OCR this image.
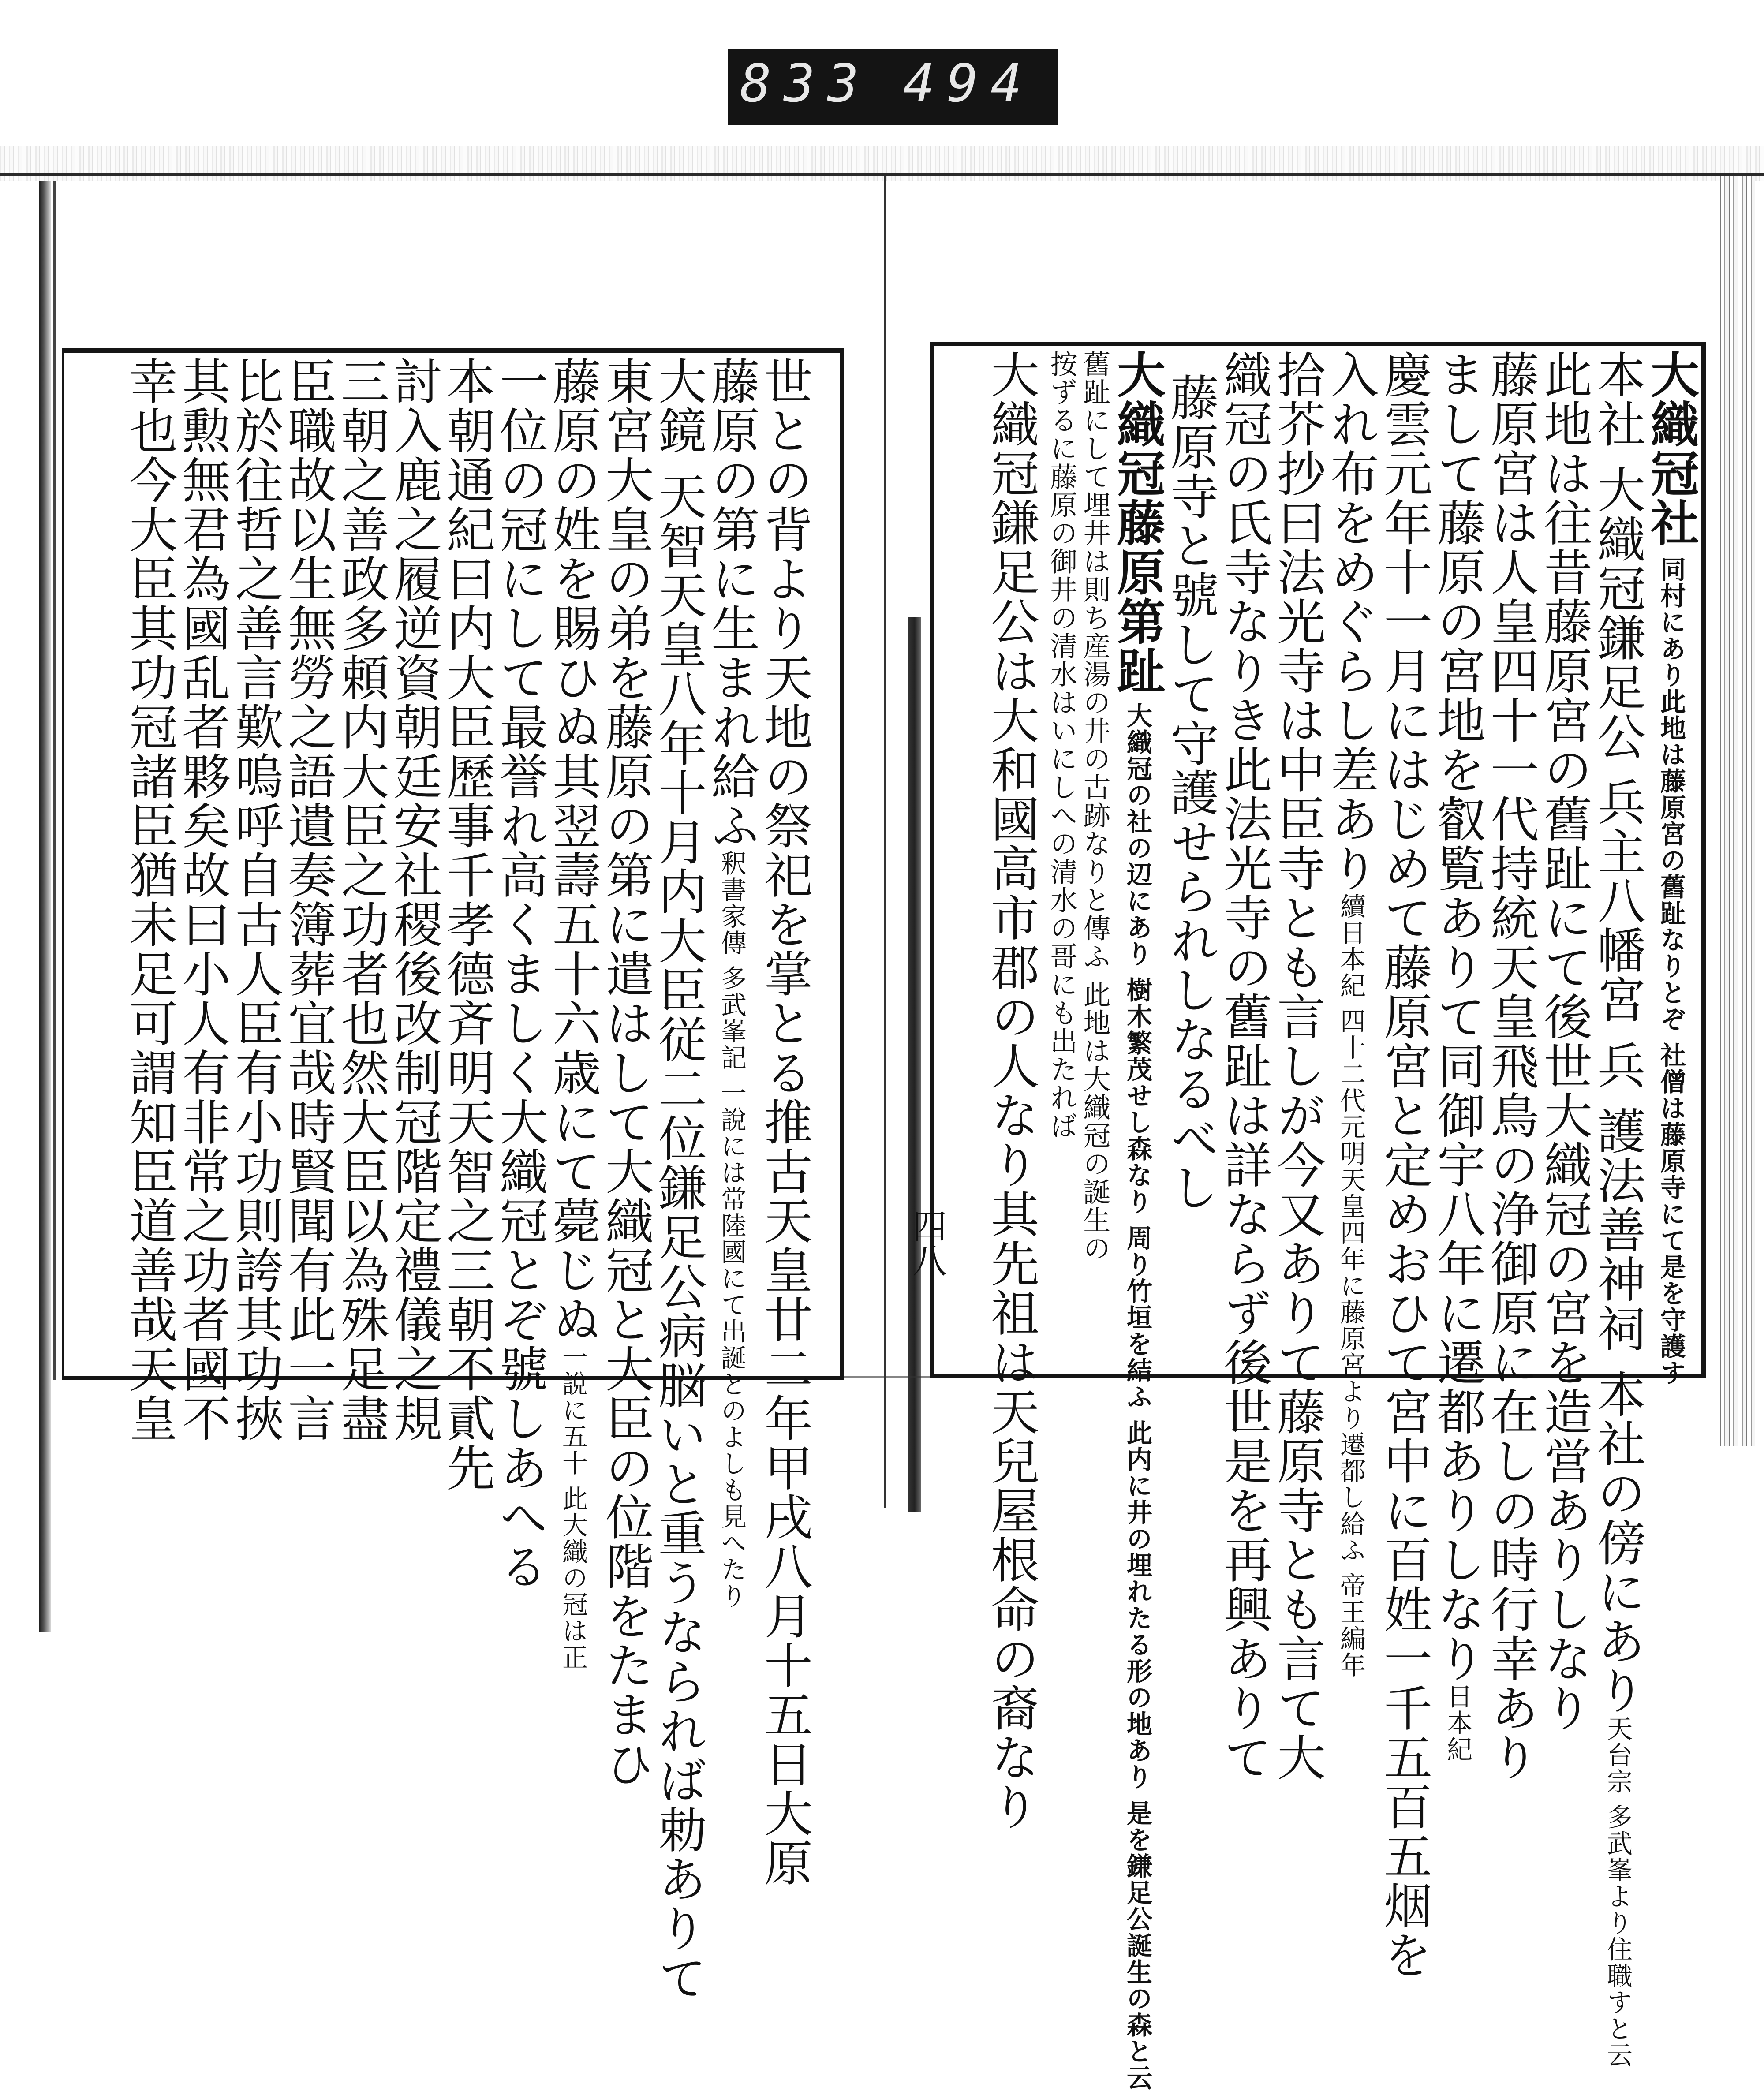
833 494
大織冠社同村にあり此地は藤原宮の舊趾なりとぞ 社僧は藤原寺にて是を守護す
本社 大織冠鎌足公 兵主八幡宮 兵 護法善神祠 本社の傍にあり天台宗 多武峯より住職すと云
此地は往昔藤原宮の舊趾にて後世大織冠の宮を造営ありしなり
藤原宮は人皇四十一代持統天皇飛鳥の浄御原に在しの時行幸あり
まして藤原の宮地を叡覧ありて同御宇八年に遷都ありしなり日本紀
慶雲元年十一月にはじめて藤原宮と定めおひて宮中に百姓一千五百五烟を
入れ布をめぐらし差あり續日本紀 四十二代元明天皇四年に藤原宮より遷都し給ふ 帝王編年
拾芥抄曰法光寺は中臣寺とも言しが今又ありて藤原寺とも言て大
織冠の氏寺なりき此法光寺の舊趾は詳ならず後世是を再興ありて
藤原寺と號して守護せられしなるべし
大織冠藤原第趾大織冠の社の辺にあり 樹木繁茂せし森なり 周り竹垣を結ふ 此内に井の埋れたる形の地あり 是を鎌足公誕生の森と云
舊趾にして埋井は則ち産湯の井の古跡なりと傳ふ 此地は大織冠の誕生の
按ずるに藤原の御井の清水はいにしへの清水の哥にも出たれば
大織冠鎌足公は大和國高市郡の人なり其先祖は天兒屋根命の裔なり
四八
世との背より天地の祭祀を掌とる推古天皇廿二年甲戌八月十五日大原
藤原の第に生まれ給ふ釈書家傳 多武峯記 一說には常陸國にて出誕とのよしも見へたり
大鏡 天智天皇八年十月内大臣従二位鎌足公病脳いと重うなられば勅ありて
東宮大皇の弟を藤原の第に遣はして大織冠と大臣の位階をたまひ
藤原の姓を賜ひぬ其翌壽五十六歳にて薨じぬ一說に五十 此大織の冠は正
一位の冠にして最誉れ高くましく大織冠とぞ號しあへる
本朝通紀曰内大臣歷事千孝德斉明天智之三朝不貳先
討入鹿之履逆資朝廷安社稷後改制冠階定禮儀之規
三朝之善政多頼内大臣之功者也然大臣以為殊足盡
臣職故以生無勞之語遺奏簿葬宜哉時賢聞有此一言
比於往哲之善言歎嗚呼自古人臣有小功則誇其功挾
其勲無君為國乱者夥矣故曰小人有非常之功者國不
幸也今大臣其功冠諸臣猶未足可謂知臣道善哉天皇
